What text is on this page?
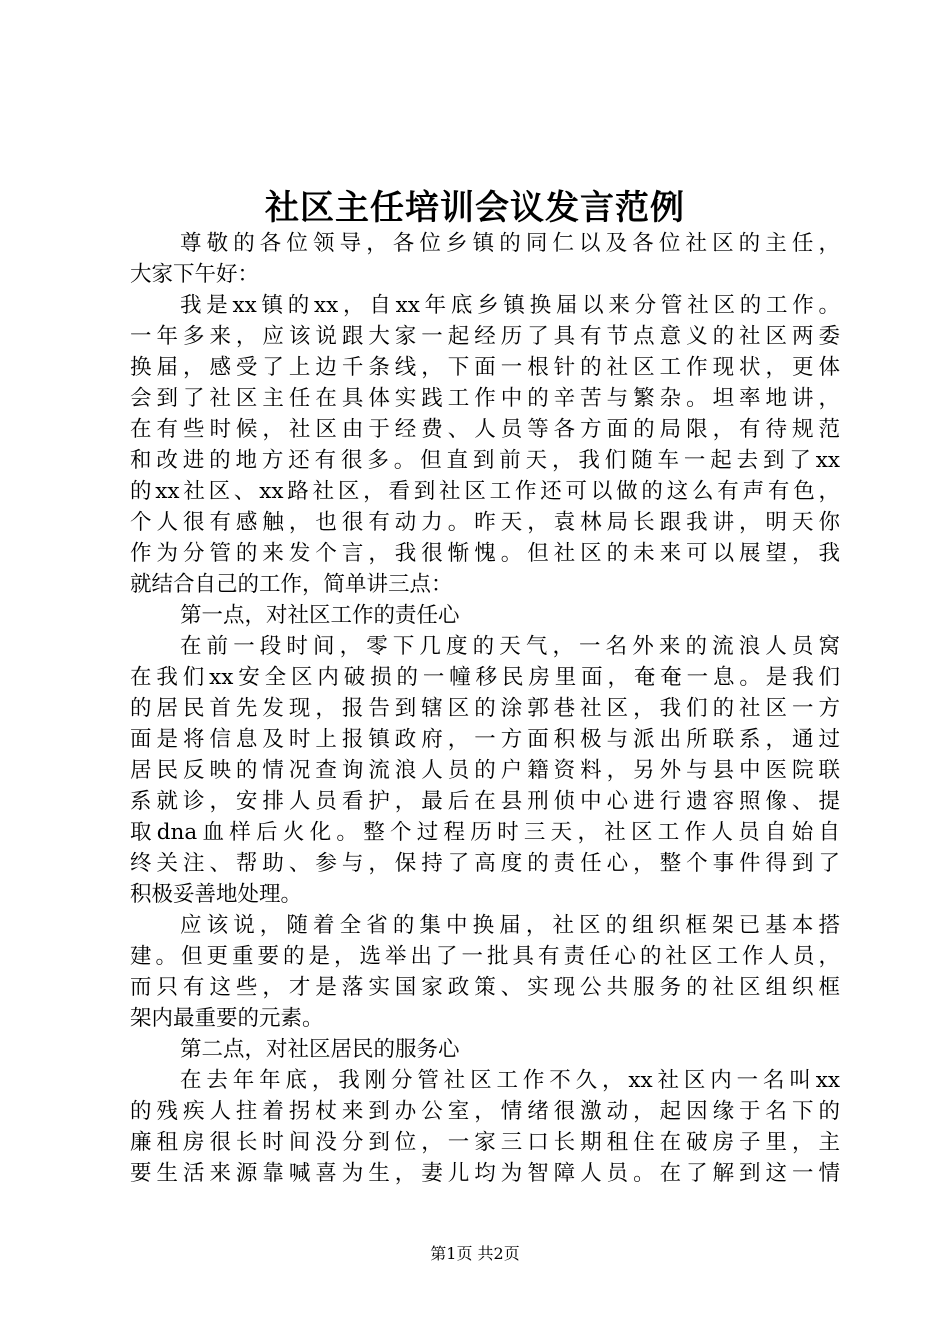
社区主任培训会议发言范例
尊敬的各位领导，各位乡镇的同仁以及各位社区的主任，
大家下午好：
我是xx镇的xx，自xx年底乡镇换届以来分管社区的工作。
一年多来，应该说跟大家一起经历了具有节点意义的社区两委
换届，感受了上边千条线，下面一根针的社区工作现状，更体
会到了社区主任在具体实践工作中的辛苦与繁杂。坦率地讲，
在有些时候，社区由于经费、人员等各方面的局限，有待规范
和改进的地方还有很多。但直到前天，我们随车一起去到了xx
的xx社区、xx路社区，看到社区工作还可以做的这么有声有色，
个人很有感触，也很有动力。昨天，袁林局长跟我讲，明天你
作为分管的来发个言，我很惭愧。但社区的未来可以展望，我
就结合自己的工作，简单讲三点：
第一点，对社区工作的责任心
在前一段时间，零下几度的天气，一名外来的流浪人员窝
在我们xx安全区内破损的一幢移民房里面，奄奄一息。是我们
的居民首先发现，报告到辖区的涂郭巷社区，我们的社区一方
面是将信息及时上报镇政府，一方面积极与派出所联系，通过
居民反映的情况查询流浪人员的户籍资料，另外与县中医院联
系就诊，安排人员看护，最后在县刑侦中心进行遗容照像、提
取dna血样后火化。整个过程历时三天，社区工作人员自始自
终关注、帮助、参与，保持了高度的责任心，整个事件得到了
积极妥善地处理。
应该说，随着全省的集中换届，社区的组织框架已基本搭
建。但更重要的是，选举出了一批具有责任心的社区工作人员，
而只有这些，才是落实国家政策、实现公共服务的社区组织框
架内最重要的元素。
第二点，对社区居民的服务心
在去年年底，我刚分管社区工作不久，xx社区内一名叫xx
的残疾人拄着拐杖来到办公室，情绪很激动，起因缘于名下的
廉租房很长时间没分到位，一家三口长期租住在破房子里，主
要生活来源靠喊喜为生，妻儿均为智障人员。在了解到这一情
第1页 共2页
